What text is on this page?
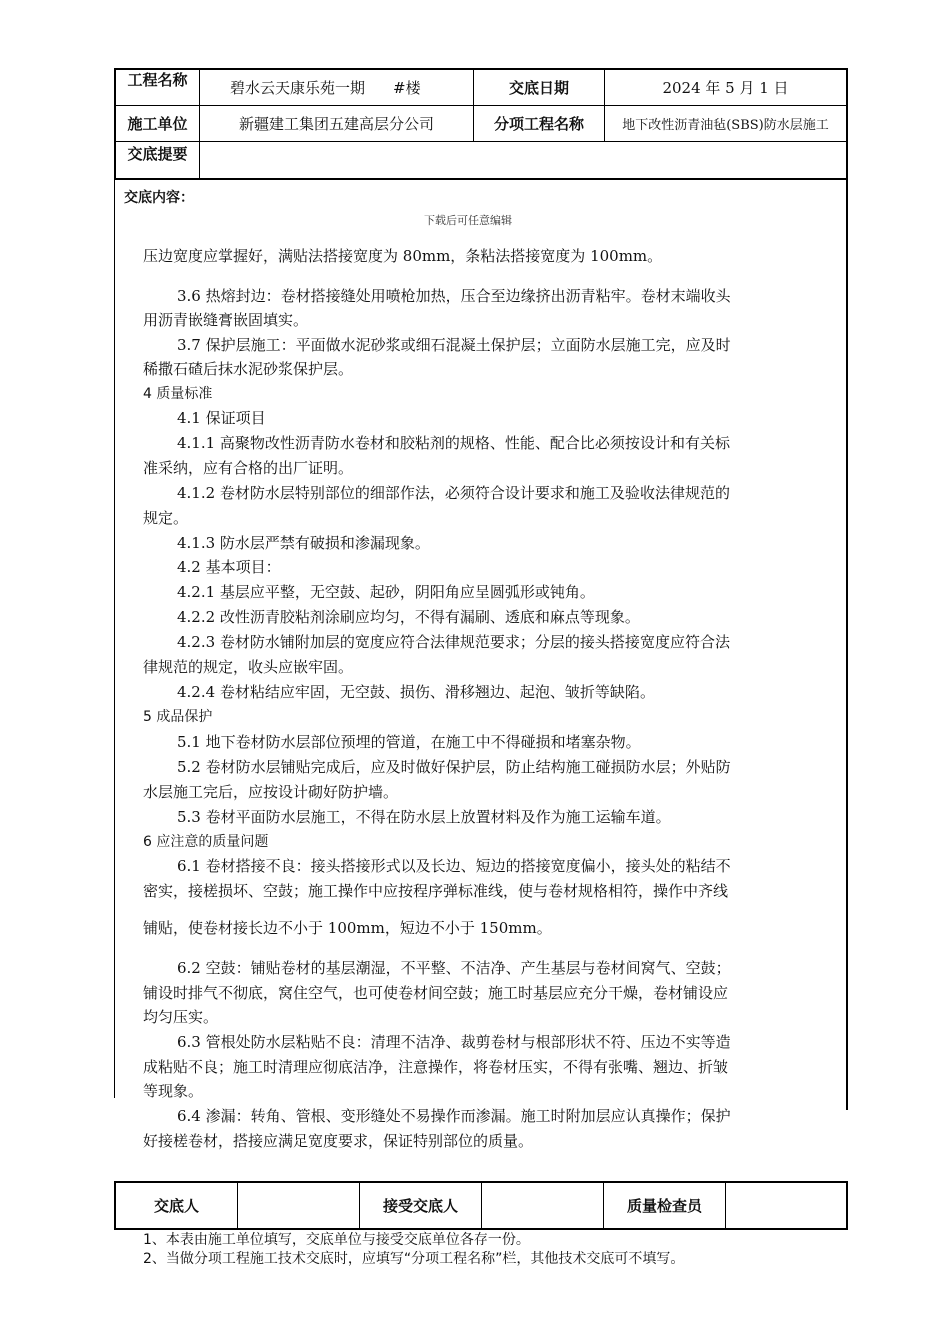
工程名称	碧水云天康乐苑一期 #楼	交底日期	2024 年 5 月 1 日
施工单位	新疆建工集团五建高层分公司	分项工程名称	地下改性沥青油毡(SBS)防水层施工
交底提要
交底内容：
下载后可任意编辑
压边宽度应掌握好，满贴法搭接宽度为 80mm，条粘法搭接宽度为 100mm。
3.6 热熔封边：卷材搭接缝处用喷枪加热，压合至边缘挤出沥青粘牢。卷材末端收头
用沥青嵌缝膏嵌固填实。
3.7 保护层施工：平面做水泥砂浆或细石混凝土保护层；立面防水层施工完，应及时
稀撒石碴后抹水泥砂浆保护层。
4 质量标准
4.1 保证项目
4.1.1 高聚物改性沥青防水卷材和胶粘剂的规格、性能、配合比必须按设计和有关标
准采纳，应有合格的出厂证明。
4.1.2 卷材防水层特别部位的细部作法，必须符合设计要求和施工及验收法律规范的
规定。
4.1.3 防水层严禁有破损和渗漏现象。
4.2 基本项目：
4.2.1 基层应平整，无空鼓、起砂，阴阳角应呈圆弧形或钝角。
4.2.2 改性沥青胶粘剂涂刷应均匀，不得有漏刷、透底和麻点等现象。
4.2.3 卷材防水铺附加层的宽度应符合法律规范要求；分层的接头搭接宽度应符合法
律规范的规定，收头应嵌牢固。
4.2.4 卷材粘结应牢固，无空鼓、损伤、滑移翘边、起泡、皱折等缺陷。
5 成品保护
5.1 地下卷材防水层部位预埋的管道，在施工中不得碰损和堵塞杂物。
5.2 卷材防水层铺贴完成后，应及时做好保护层，防止结构施工碰损防水层；外贴防
水层施工完后，应按设计砌好防护墙。
5.3 卷材平面防水层施工，不得在防水层上放置材料及作为施工运输车道。
6 应注意的质量问题
6.1 卷材搭接不良：接头搭接形式以及长边、短边的搭接宽度偏小，接头处的粘结不
密实，接槎损坏、空鼓；施工操作中应按程序弹标准线，使与卷材规格相符，操作中齐线
铺贴，使卷材接长边不小于 100mm，短边不小于 150mm。
6.2 空鼓：铺贴卷材的基层潮湿，不平整、不洁净、产生基层与卷材间窝气、空鼓；
铺设时排气不彻底，窝住空气，也可使卷材间空鼓；施工时基层应充分干燥，卷材铺设应
均匀压实。
6.3 管根处防水层粘贴不良：清理不洁净、裁剪卷材与根部形状不符、压边不实等造
成粘贴不良；施工时清理应彻底洁净，注意操作，将卷材压实，不得有张嘴、翘边、折皱
等现象。
6.4 渗漏：转角、管根、变形缝处不易操作而渗漏。施工时附加层应认真操作；保护
好接槎卷材，搭接应满足宽度要求，保证特别部位的质量。
交底人	接受交底人	质量检查员
1、本表由施工单位填写，交底单位与接受交底单位各存一份。
2、当做分项工程施工技术交底时，应填写“分项工程名称”栏，其他技术交底可不填写。
